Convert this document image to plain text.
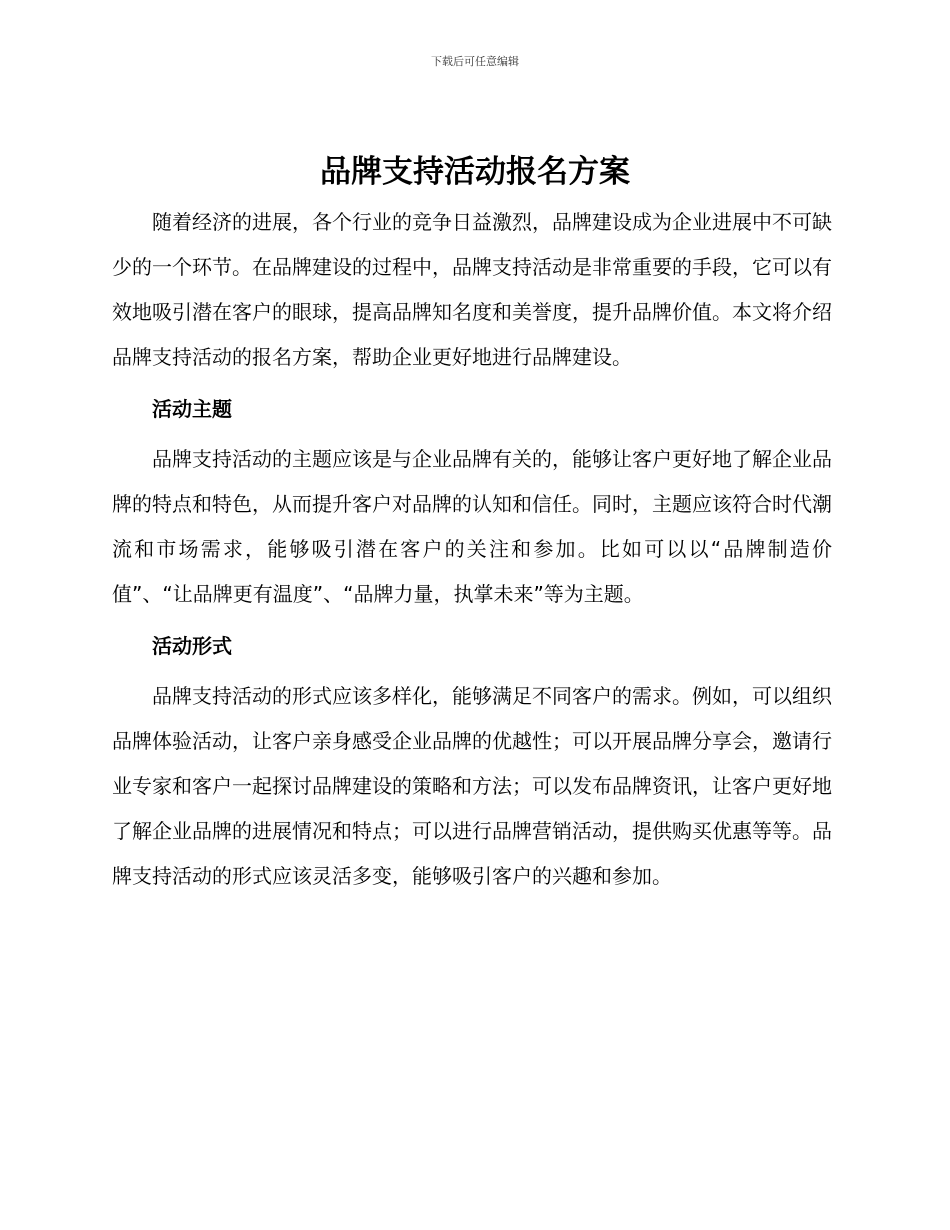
下载后可任意编辑
品牌支持活动报名方案

随着经济的进展，各个行业的竞争日益激烈，品牌建设成为企业进展中不可缺少的一个环节。在品牌建设的过程中，品牌支持活动是非常重要的手段，它可以有效地吸引潜在客户的眼球，提高品牌知名度和美誉度，提升品牌价值。本文将介绍品牌支持活动的报名方案，帮助企业更好地进行品牌建设。

活动主题

品牌支持活动的主题应该是与企业品牌有关的，能够让客户更好地了解企业品牌的特点和特色，从而提升客户对品牌的认知和信任。同时，主题应该符合时代潮流和市场需求，能够吸引潜在客户的关注和参加。比如可以以“品牌制造价值”、“让品牌更有温度”、“品牌力量，执掌未来”等为主题。

活动形式

品牌支持活动的形式应该多样化，能够满足不同客户的需求。例如，可以组织品牌体验活动，让客户亲身感受企业品牌的优越性；可以开展品牌分享会，邀请行业专家和客户一起探讨品牌建设的策略和方法；可以发布品牌资讯，让客户更好地了解企业品牌的进展情况和特点；可以进行品牌营销活动，提供购买优惠等等。品牌支持活动的形式应该灵活多变，能够吸引客户的兴趣和参加。
